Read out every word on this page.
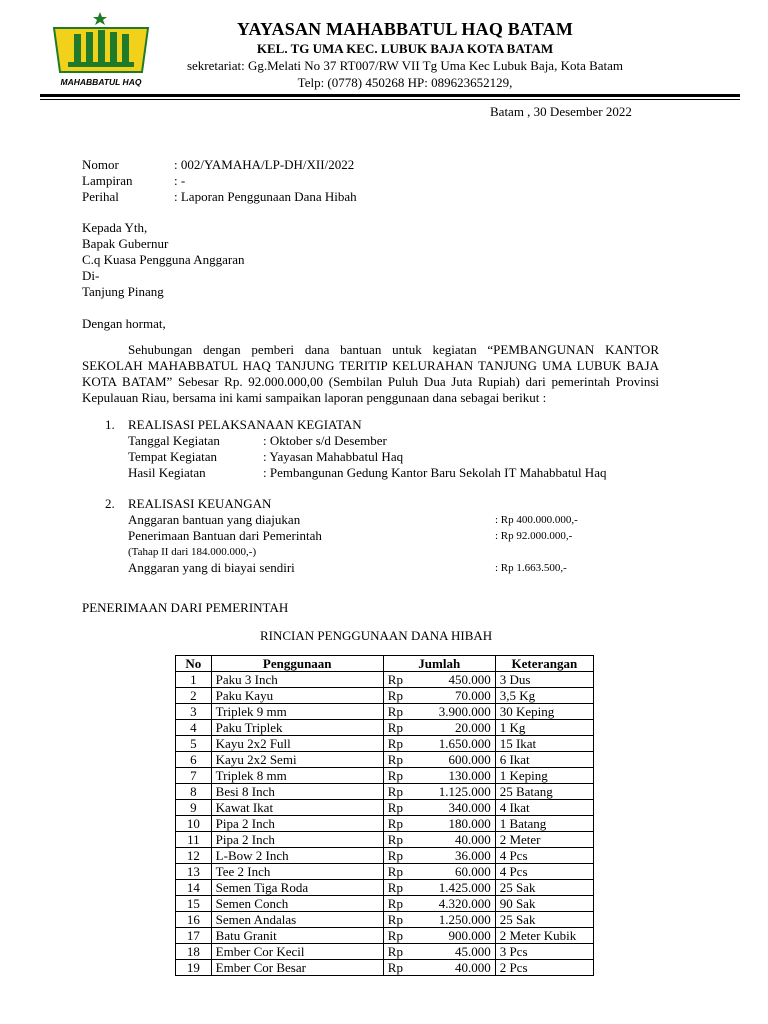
MAHABBATUL HAQ
YAYASAN MAHABBATUL HAQ BATAM
KEL. TG UMA KEC. LUBUK BAJA KOTA BATAM
sekretariat: Gg.Melati No 37 RT007/RW VII Tg Uma Kec Lubuk Baja, Kota Batam
Telp: (0778) 450268 HP: 089623652129,
Batam , 30 Desember 2022
Nomor	: 002/YAMAHA/LP-DH/XII/2022
Lampiran	: -
Perihal	: Laporan Penggunaan Dana Hibah
Kepada Yth,
Bapak Gubernur
C.q Kuasa Pengguna Anggaran
Di-
Tanjung Pinang
Dengan hormat,
Sehubungan dengan pemberi dana bantuan untuk kegiatan “PEMBANGUNAN KANTOR SEKOLAH MAHABBATUL HAQ TANJUNG TERITIP KELURAHAN TANJUNG UMA LUBUK BAJA KOTA BATAM” Sebesar Rp. 92.000.000,00 (Sembilan Puluh Dua Juta Rupiah) dari pemerintah Provinsi Kepulauan Riau, bersama ini kami sampaikan laporan penggunaan dana sebagai berikut :
1.	REALISASI PELAKSANAAN KEGIATAN
Tanggal Kegiatan	: Oktober s/d Desember
Tempat Kegiatan	: Yayasan Mahabbatul Haq
Hasil Kegiatan	: Pembangunan Gedung Kantor Baru Sekolah IT Mahabbatul Haq
2.	REALISASI KEUANGAN
Anggaran bantuan yang diajukan	: Rp 400.000.000,-
Penerimaan Bantuan dari Pemerintah	: Rp 92.000.000,-
(Tahap II dari 184.000.000,-)
Anggaran yang di biayai sendiri	: Rp 1.663.500,-
PENERIMAAN DARI PEMERINTAH
RINCIAN PENGGUNAAN DANA HIBAH
No	Penggunaan	Jumlah	Keterangan
1	Paku 3 Inch	Rp 450.000	3 Dus
2	Paku Kayu	Rp 70.000	3,5 Kg
3	Triplek 9 mm	Rp 3.900.000	30 Keping
4	Paku Triplek	Rp 20.000	1 Kg
5	Kayu 2x2 Full	Rp 1.650.000	15 Ikat
6	Kayu 2x2 Semi	Rp 600.000	6 Ikat
7	Triplek 8 mm	Rp 130.000	1 Keping
8	Besi 8 Inch	Rp 1.125.000	25 Batang
9	Kawat Ikat	Rp 340.000	4 Ikat
10	Pipa 2 Inch	Rp 180.000	1 Batang
11	Pipa 2 Inch	Rp 40.000	2 Meter
12	L-Bow 2 Inch	Rp 36.000	4 Pcs
13	Tee 2 Inch	Rp 60.000	4 Pcs
14	Semen Tiga Roda	Rp 1.425.000	25 Sak
15	Semen Conch	Rp 4.320.000	90 Sak
16	Semen Andalas	Rp 1.250.000	25 Sak
17	Batu Granit	Rp 900.000	2 Meter Kubik
18	Ember Cor Kecil	Rp 45.000	3 Pcs
19	Ember Cor Besar	Rp 40.000	2 Pcs
